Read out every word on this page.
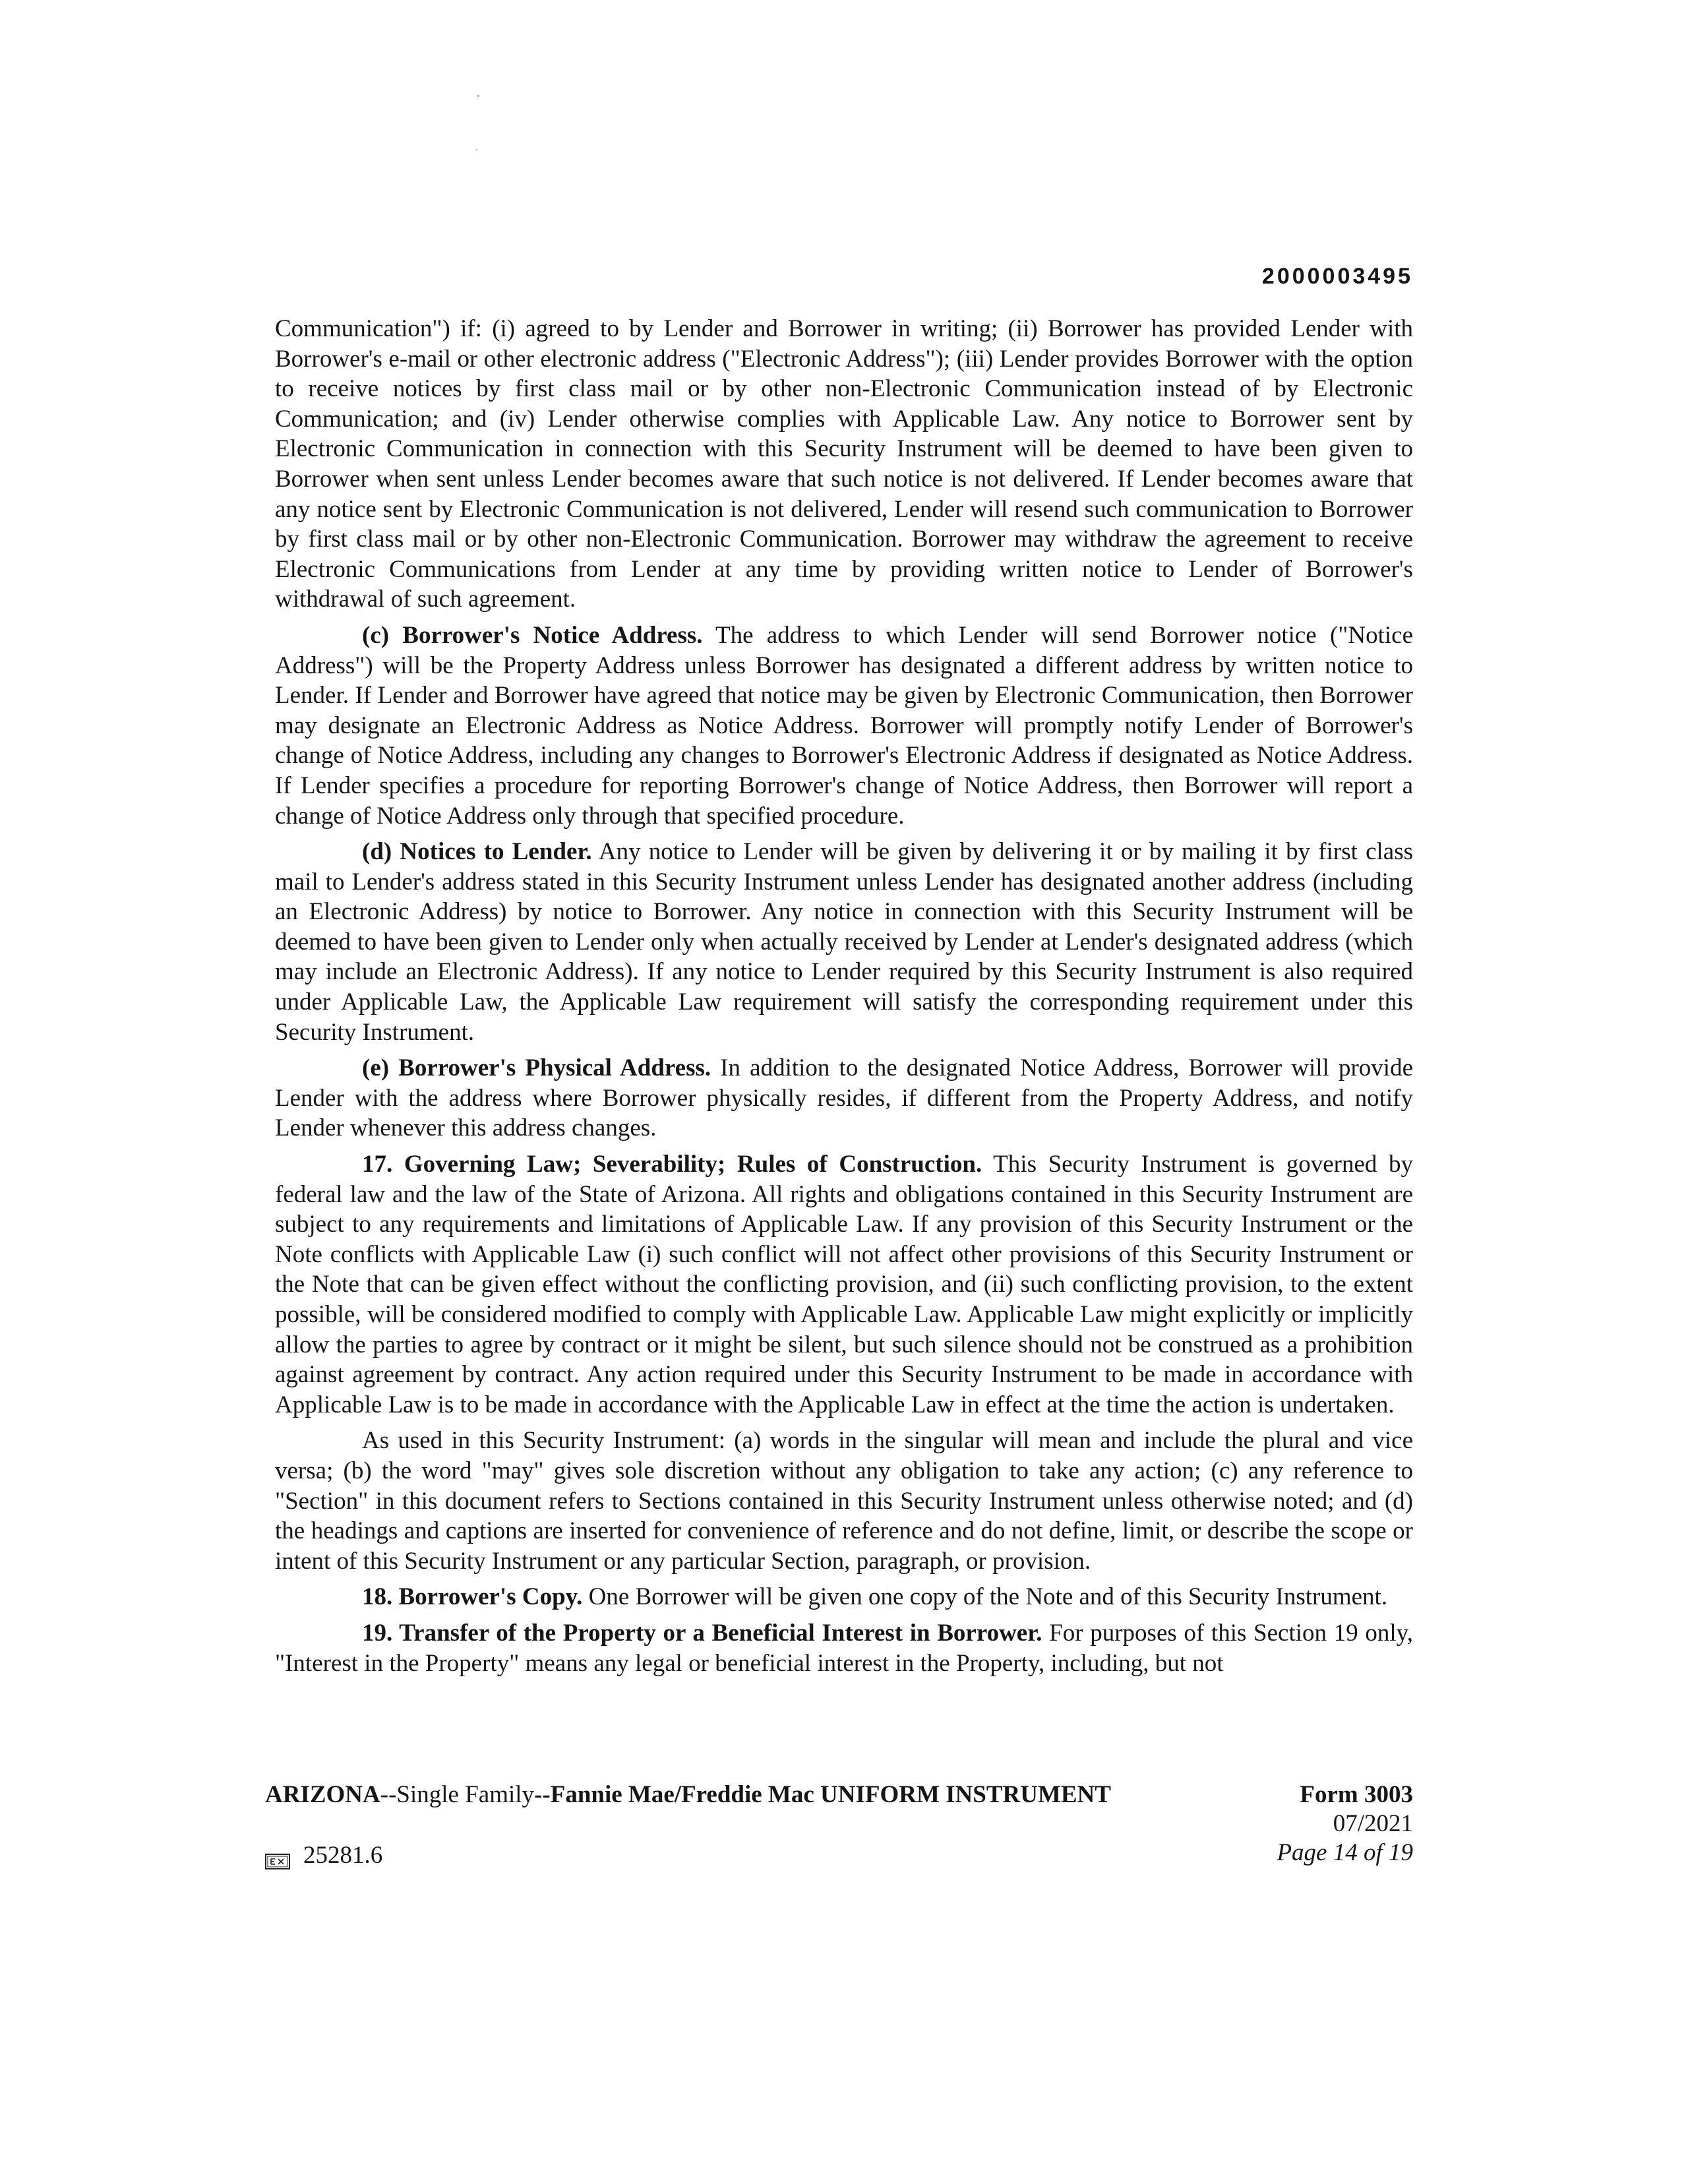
2000003495

Communication") if: (i) agreed to by Lender and Borrower in writing; (ii) Borrower has provided Lender with Borrower's e-mail or other electronic address ("Electronic Address"); (iii) Lender provides Borrower with the option to receive notices by first class mail or by other non-Electronic Communication instead of by Electronic Communication; and (iv) Lender otherwise complies with Applicable Law. Any notice to Borrower sent by Electronic Communication in connection with this Security Instrument will be deemed to have been given to Borrower when sent unless Lender becomes aware that such notice is not delivered. If Lender becomes aware that any notice sent by Electronic Communication is not delivered, Lender will resend such communication to Borrower by first class mail or by other non-Electronic Communication. Borrower may withdraw the agreement to receive Electronic Communications from Lender at any time by providing written notice to Lender of Borrower's withdrawal of such agreement.

(c) Borrower's Notice Address. The address to which Lender will send Borrower notice ("Notice Address") will be the Property Address unless Borrower has designated a different address by written notice to Lender. If Lender and Borrower have agreed that notice may be given by Electronic Communication, then Borrower may designate an Electronic Address as Notice Address. Borrower will promptly notify Lender of Borrower's change of Notice Address, including any changes to Borrower's Electronic Address if designated as Notice Address. If Lender specifies a procedure for reporting Borrower's change of Notice Address, then Borrower will report a change of Notice Address only through that specified procedure.

(d) Notices to Lender. Any notice to Lender will be given by delivering it or by mailing it by first class mail to Lender's address stated in this Security Instrument unless Lender has designated another address (including an Electronic Address) by notice to Borrower. Any notice in connection with this Security Instrument will be deemed to have been given to Lender only when actually received by Lender at Lender's designated address (which may include an Electronic Address). If any notice to Lender required by this Security Instrument is also required under Applicable Law, the Applicable Law requirement will satisfy the corresponding requirement under this Security Instrument.

(e) Borrower's Physical Address. In addition to the designated Notice Address, Borrower will provide Lender with the address where Borrower physically resides, if different from the Property Address, and notify Lender whenever this address changes.

17. Governing Law; Severability; Rules of Construction. This Security Instrument is governed by federal law and the law of the State of Arizona. All rights and obligations contained in this Security Instrument are subject to any requirements and limitations of Applicable Law. If any provision of this Security Instrument or the Note conflicts with Applicable Law (i) such conflict will not affect other provisions of this Security Instrument or the Note that can be given effect without the conflicting provision, and (ii) such conflicting provision, to the extent possible, will be considered modified to comply with Applicable Law. Applicable Law might explicitly or implicitly allow the parties to agree by contract or it might be silent, but such silence should not be construed as a prohibition against agreement by contract. Any action required under this Security Instrument to be made in accordance with Applicable Law is to be made in accordance with the Applicable Law in effect at the time the action is undertaken.

As used in this Security Instrument: (a) words in the singular will mean and include the plural and vice versa; (b) the word "may" gives sole discretion without any obligation to take any action; (c) any reference to "Section" in this document refers to Sections contained in this Security Instrument unless otherwise noted; and (d) the headings and captions are inserted for convenience of reference and do not define, limit, or describe the scope or intent of this Security Instrument or any particular Section, paragraph, or provision.

18. Borrower's Copy. One Borrower will be given one copy of the Note and of this Security Instrument.

19. Transfer of the Property or a Beneficial Interest in Borrower. For purposes of this Section 19 only, "Interest in the Property" means any legal or beneficial interest in the Property, including, but not

ARIZONA--Single Family--Fannie Mae/Freddie Mac UNIFORM INSTRUMENT	Form 3003
07/2021
Page 14 of 19
25281.6
